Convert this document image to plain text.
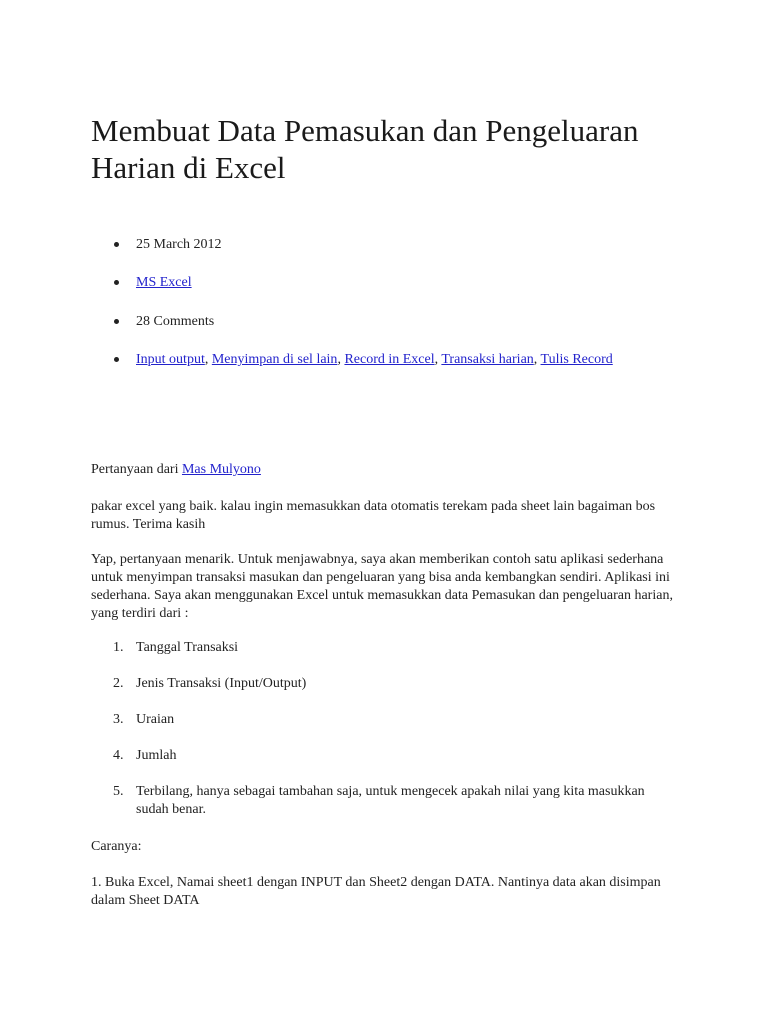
Membuat Data Pemasukan dan Pengeluaran Harian di Excel
25 March 2012
MS Excel
28 Comments
Input output, Menyimpan di sel lain, Record in Excel, Transaksi harian, Tulis Record

Pertanyaan dari Mas Mulyono

pakar excel yang baik. kalau ingin memasukkan data otomatis terekam pada sheet lain bagaiman bos rumus. Terima kasih

Yap, pertanyaan menarik. Untuk menjawabnya, saya akan memberikan contoh satu aplikasi sederhana untuk menyimpan transaksi masukan dan pengeluaran yang bisa anda kembangkan sendiri. Aplikasi ini sederhana. Saya akan menggunakan Excel untuk memasukkan data Pemasukan dan pengeluaran harian, yang terdiri dari :

1. Tanggal Transaksi
2. Jenis Transaksi (Input/Output)
3. Uraian
4. Jumlah
5. Terbilang, hanya sebagai tambahan saja, untuk mengecek apakah nilai yang kita masukkan sudah benar.

Caranya:

1. Buka Excel, Namai sheet1 dengan INPUT dan Sheet2 dengan DATA. Nantinya data akan disimpan dalam Sheet DATA
